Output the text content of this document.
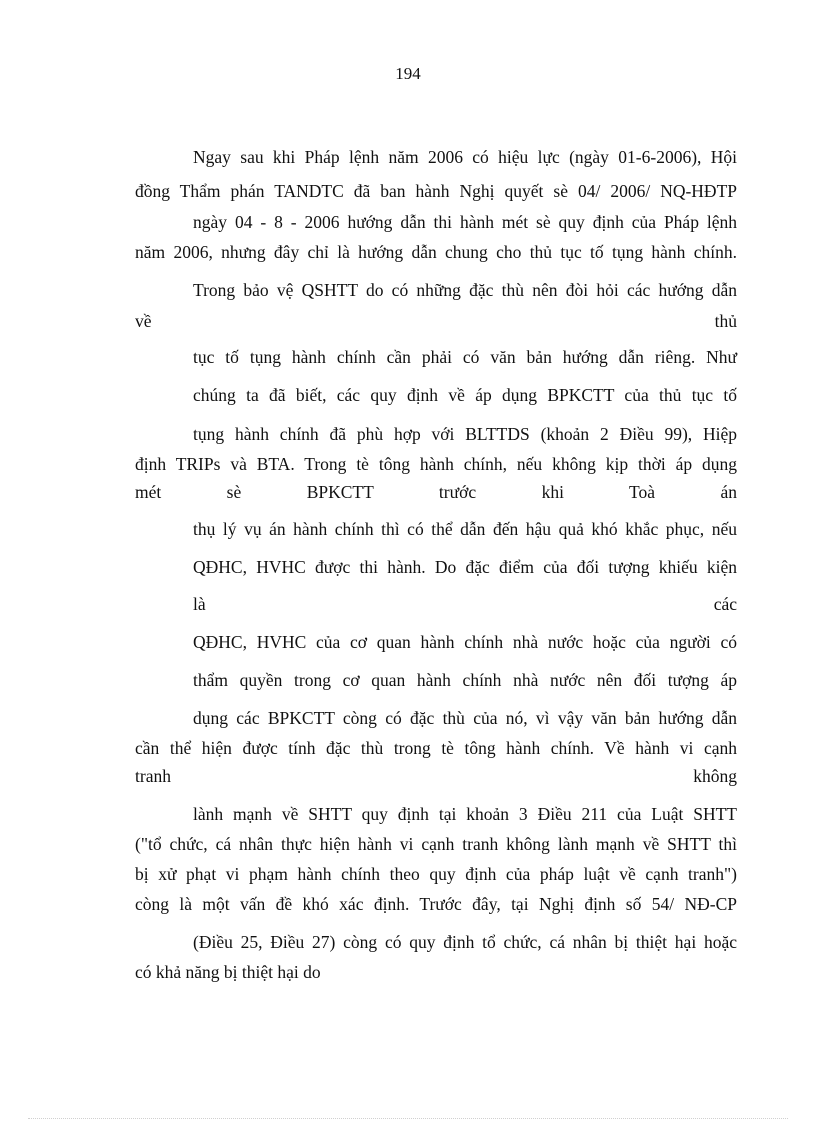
194
Ngay sau khi Pháp lệnh năm 2006 có hiệu lực (ngày 01-6-2006), Hội
đồng Thẩm phán TANDTC đã ban hành Nghị quyết sè 04/ 2006/ NQ-HĐTP
ngày 04 - 8 - 2006 hướng dẫn thi hành mét sè quy định của Pháp lệnh
năm 2006, nhưng đây chỉ là hướng dẫn chung cho thủ tục tố tụng hành chính.
Trong bảo vệ QSHTT do có những đặc thù nên đòi hỏi các hướng dẫn
về thủ
tục tố tụng hành chính cần phải có văn bản hướng dẫn riêng. Như
chúng ta đã biết, các quy định về áp dụng BPKCTT của thủ tục tố
tụng hành chính đã phù hợp với BLTTDS (khoản 2 Điều 99), Hiệp
định TRIPs và BTA. Trong tè tông hành chính, nếu không kịp thời áp dụng
mét sè BPKCTT trước khi Toà án
thụ lý vụ án hành chính thì có thể dẫn đến hậu quả khó khắc phục, nếu
QĐHC, HVHC được thi hành. Do đặc điểm của đối tượng khiếu kiện
là các
QĐHC, HVHC của cơ quan hành chính nhà nước hoặc của người có
thẩm quyền trong cơ quan hành chính nhà nước nên đối tượng áp
dụng các BPKCTT còng có đặc thù của nó, vì vậy văn bản hướng dẫn
cần thể hiện được tính đặc thù trong tè tông hành chính. Về hành vi cạnh
tranh không
lành mạnh về SHTT quy định tại khoản 3 Điều 211 của Luật SHTT
("tổ chức, cá nhân thực hiện hành vi cạnh tranh không lành mạnh về SHTT thì
bị xử phạt vi phạm hành chính theo quy định của pháp luật về cạnh tranh")
còng là một vấn đề khó xác định. Trước đây, tại Nghị định số 54/ NĐ-CP
(Điều 25, Điều 27) còng có quy định tổ chức, cá nhân bị thiệt hại hoặc
có khả năng bị thiệt hại do
